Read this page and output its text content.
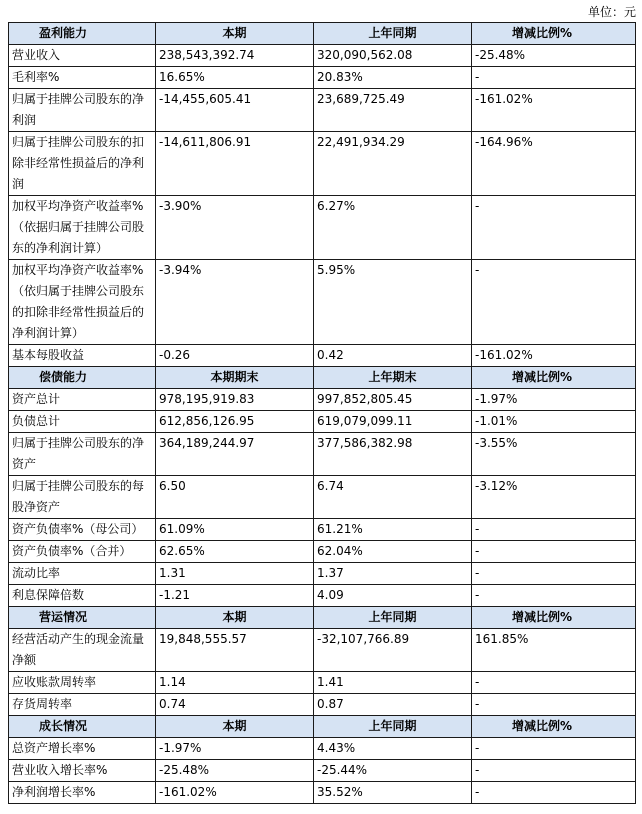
单位：元
盈利能力	本期	上年同期	增减比例%
营业收入	238,543,392.74	320,090,562.08	-25.48%
毛利率%	16.65%	20.83%	-
归属于挂牌公司股东的净利润	-14,455,605.41	23,689,725.49	-161.02%
归属于挂牌公司股东的扣除非经常性损益后的净利润	-14,611,806.91	22,491,934.29	-164.96%
加权平均净资产收益率%（依据归属于挂牌公司股东的净利润计算）	-3.90%	6.27%	-
加权平均净资产收益率%（依归属于挂牌公司股东的扣除非经常性损益后的净利润计算）	-3.94%	5.95%	-
基本每股收益	-0.26	0.42	-161.02%
偿债能力	本期期末	上年期末	增减比例%
资产总计	978,195,919.83	997,852,805.45	-1.97%
负债总计	612,856,126.95	619,079,099.11	-1.01%
归属于挂牌公司股东的净资产	364,189,244.97	377,586,382.98	-3.55%
归属于挂牌公司股东的每股净资产	6.50	6.74	-3.12%
资产负债率%（母公司）	61.09%	61.21%	-
资产负债率%（合并）	62.65%	62.04%	-
流动比率	1.31	1.37	-
利息保障倍数	-1.21	4.09	-
营运情况	本期	上年同期	增减比例%
经营活动产生的现金流量净额	19,848,555.57	-32,107,766.89	161.85%
应收账款周转率	1.14	1.41	-
存货周转率	0.74	0.87	-
成长情况	本期	上年同期	增减比例%
总资产增长率%	-1.97%	4.43%	-
营业收入增长率%	-25.48%	-25.44%	-
净利润增长率%	-161.02%	35.52%	-
